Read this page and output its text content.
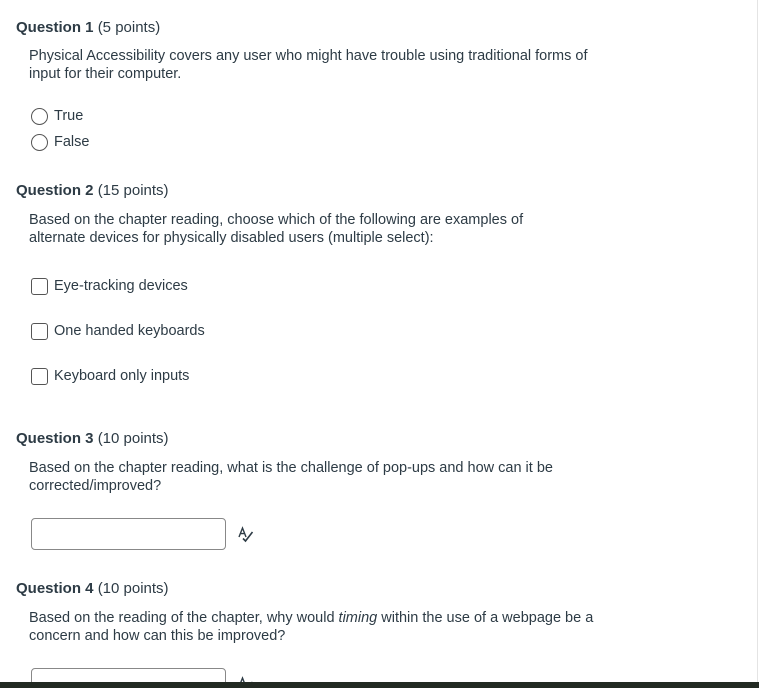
Question 1 (5 points)
Physical Accessibility covers any user who might have trouble using traditional forms of input for their computer.
True
False
Question 2 (15 points)
Based on the chapter reading, choose which of the following are examples of alternate devices for physically disabled users (multiple select):
Eye-tracking devices
One handed keyboards
Keyboard only inputs
Question 3 (10 points)
Based on the chapter reading, what is the challenge of pop-ups and how can it be corrected/improved?
Question 4 (10 points)
Based on the reading of the chapter, why would timing within the use of a webpage be a concern and how can this be improved?
